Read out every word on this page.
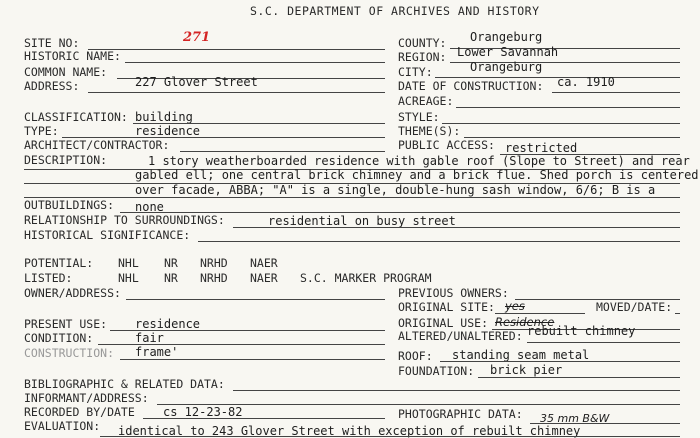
S.C. DEPARTMENT OF ARCHIVES AND HISTORY
SITE NO:	271
HISTORIC NAME:
COMMON NAME:
ADDRESS:	227 Glover Street
COUNTY: Orangeburg
REGION: Lower Savannah
CITY:	Orangeburg
DATE OF CONSTRUCTION: ca. 1910
ACREAGE:
CLASSIFICATION: building	STYLE:
TYPE:	residence	THEME(S):
ARCHITECT/CONTRACTOR:	PUBLIC ACCESS: restricted
DESCRIPTION:	1 story weatherboarded residence with gable roof (Slope to Street) and rear
gabled ell; one central brick chimney and a brick flue. Shed porch is centered
over facade, ABBA; "A" is a single, double-hung sash window, 6/6; B is a
OUTBUILDINGS: none
RELATIONSHIP TO SURROUNDINGS:	residential on busy street
HISTORICAL SIGNIFICANCE:
POTENTIAL: NHL NR NRHD NAER
LISTED:	NHL NR NRHD NAER S.C. MARKER PROGRAM
OWNER/ADDRESS:	PREVIOUS OWNERS:
ORIGINAL SITE: yes	MOVED/DATE:
PRESENT USE: residence	ORIGINAL USE: Residence
CONDITION:	fair	ALTERED/UNALTERED: rebuilt chimney
CONSTRUCTION: frame'	ROOF: standing seam metal
FOUNDATION: brick pier
BIBLIOGRAPHIC & RELATED DATA:
INFORMANT/ADDRESS:
RECORDED BY/DATE cs 12-23-82	PHOTOGRAPHIC DATA: 35 mm B&W
EVALUATION: identical to 243 Glover Street with exception of rebuilt chimney
